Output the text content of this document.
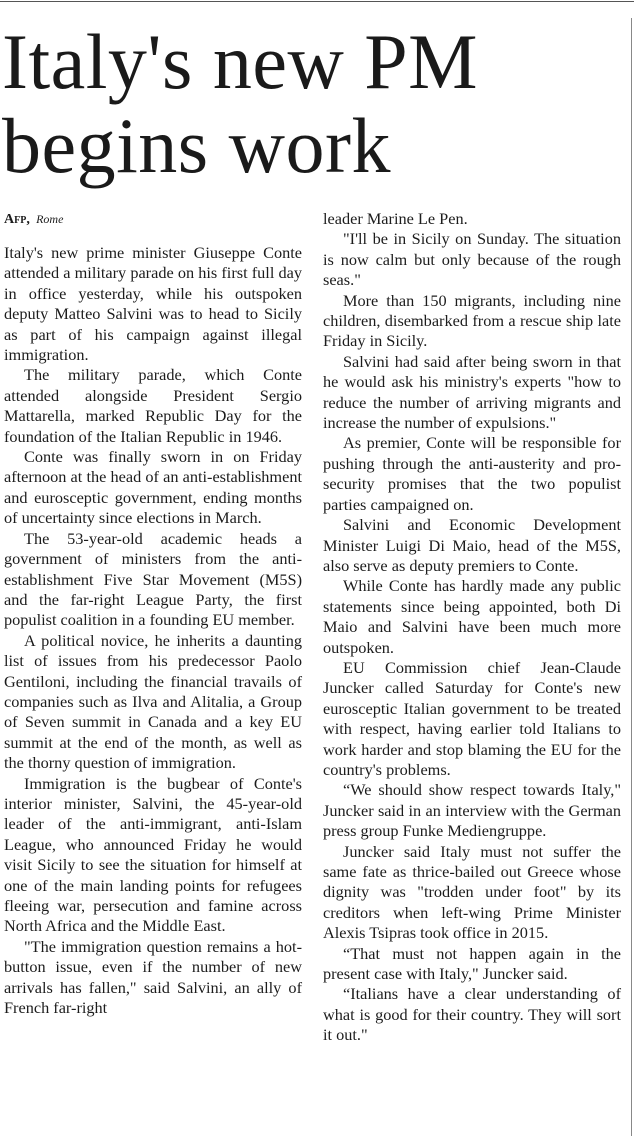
Italy's new PM begins work
Afp, Rome

Italy's new prime minister Giuseppe Conte attended a military parade on his first full day in office yesterday, while his outspoken deputy Matteo Salvini was to head to Sicily as part of his campaign against illegal immigration.

The military parade, which Conte attended alongside President Sergio Mattarella, marked Republic Day for the foundation of the Italian Republic in 1946.

Conte was finally sworn in on Friday afternoon at the head of an anti-establishment and eurosceptic government, ending months of uncertainty since elections in March.

The 53-year-old academic heads a government of ministers from the anti-establishment Five Star Movement (M5S) and the far-right League Party, the first populist coalition in a founding EU member.

A political novice, he inherits a daunting list of issues from his predecessor Paolo Gentiloni, including the financial travails of companies such as Ilva and Alitalia, a Group of Seven summit in Canada and a key EU summit at the end of the month, as well as the thorny question of immigration.

Immigration is the bugbear of Conte's interior minister, Salvini, the 45-year-old leader of the anti-immigrant, anti-Islam League, who announced Friday he would visit Sicily to see the situation for himself at one of the main landing points for refugees fleeing war, persecution and famine across North Africa and the Middle East.

"The immigration question remains a hot-button issue, even if the number of new arrivals has fallen," said Salvini, an ally of French far-right

leader Marine Le Pen.

"I'll be in Sicily on Sunday. The situation is now calm but only because of the rough seas."

More than 150 migrants, including nine children, disembarked from a rescue ship late Friday in Sicily.

Salvini had said after being sworn in that he would ask his ministry's experts "how to reduce the number of arriving migrants and increase the number of expulsions."

As premier, Conte will be responsible for pushing through the anti-austerity and pro-security promises that the two populist parties campaigned on.

Salvini and Economic Development Minister Luigi Di Maio, head of the M5S, also serve as deputy premiers to Conte.

While Conte has hardly made any public statements since being appointed, both Di Maio and Salvini have been much more outspoken.

EU Commission chief Jean-Claude Juncker called Saturday for Conte's new eurosceptic Italian government to be treated with respect, having earlier told Italians to work harder and stop blaming the EU for the country's problems.

“We should show respect towards Italy," Juncker said in an interview with the German press group Funke Mediengruppe.

Juncker said Italy must not suffer the same fate as thrice-bailed out Greece whose dignity was "trodden under foot" by its creditors when left-wing Prime Minister Alexis Tsipras took office in 2015.

“That must not happen again in the present case with Italy," Juncker said.

“Italians have a clear understanding of what is good for their country. They will sort it out."
